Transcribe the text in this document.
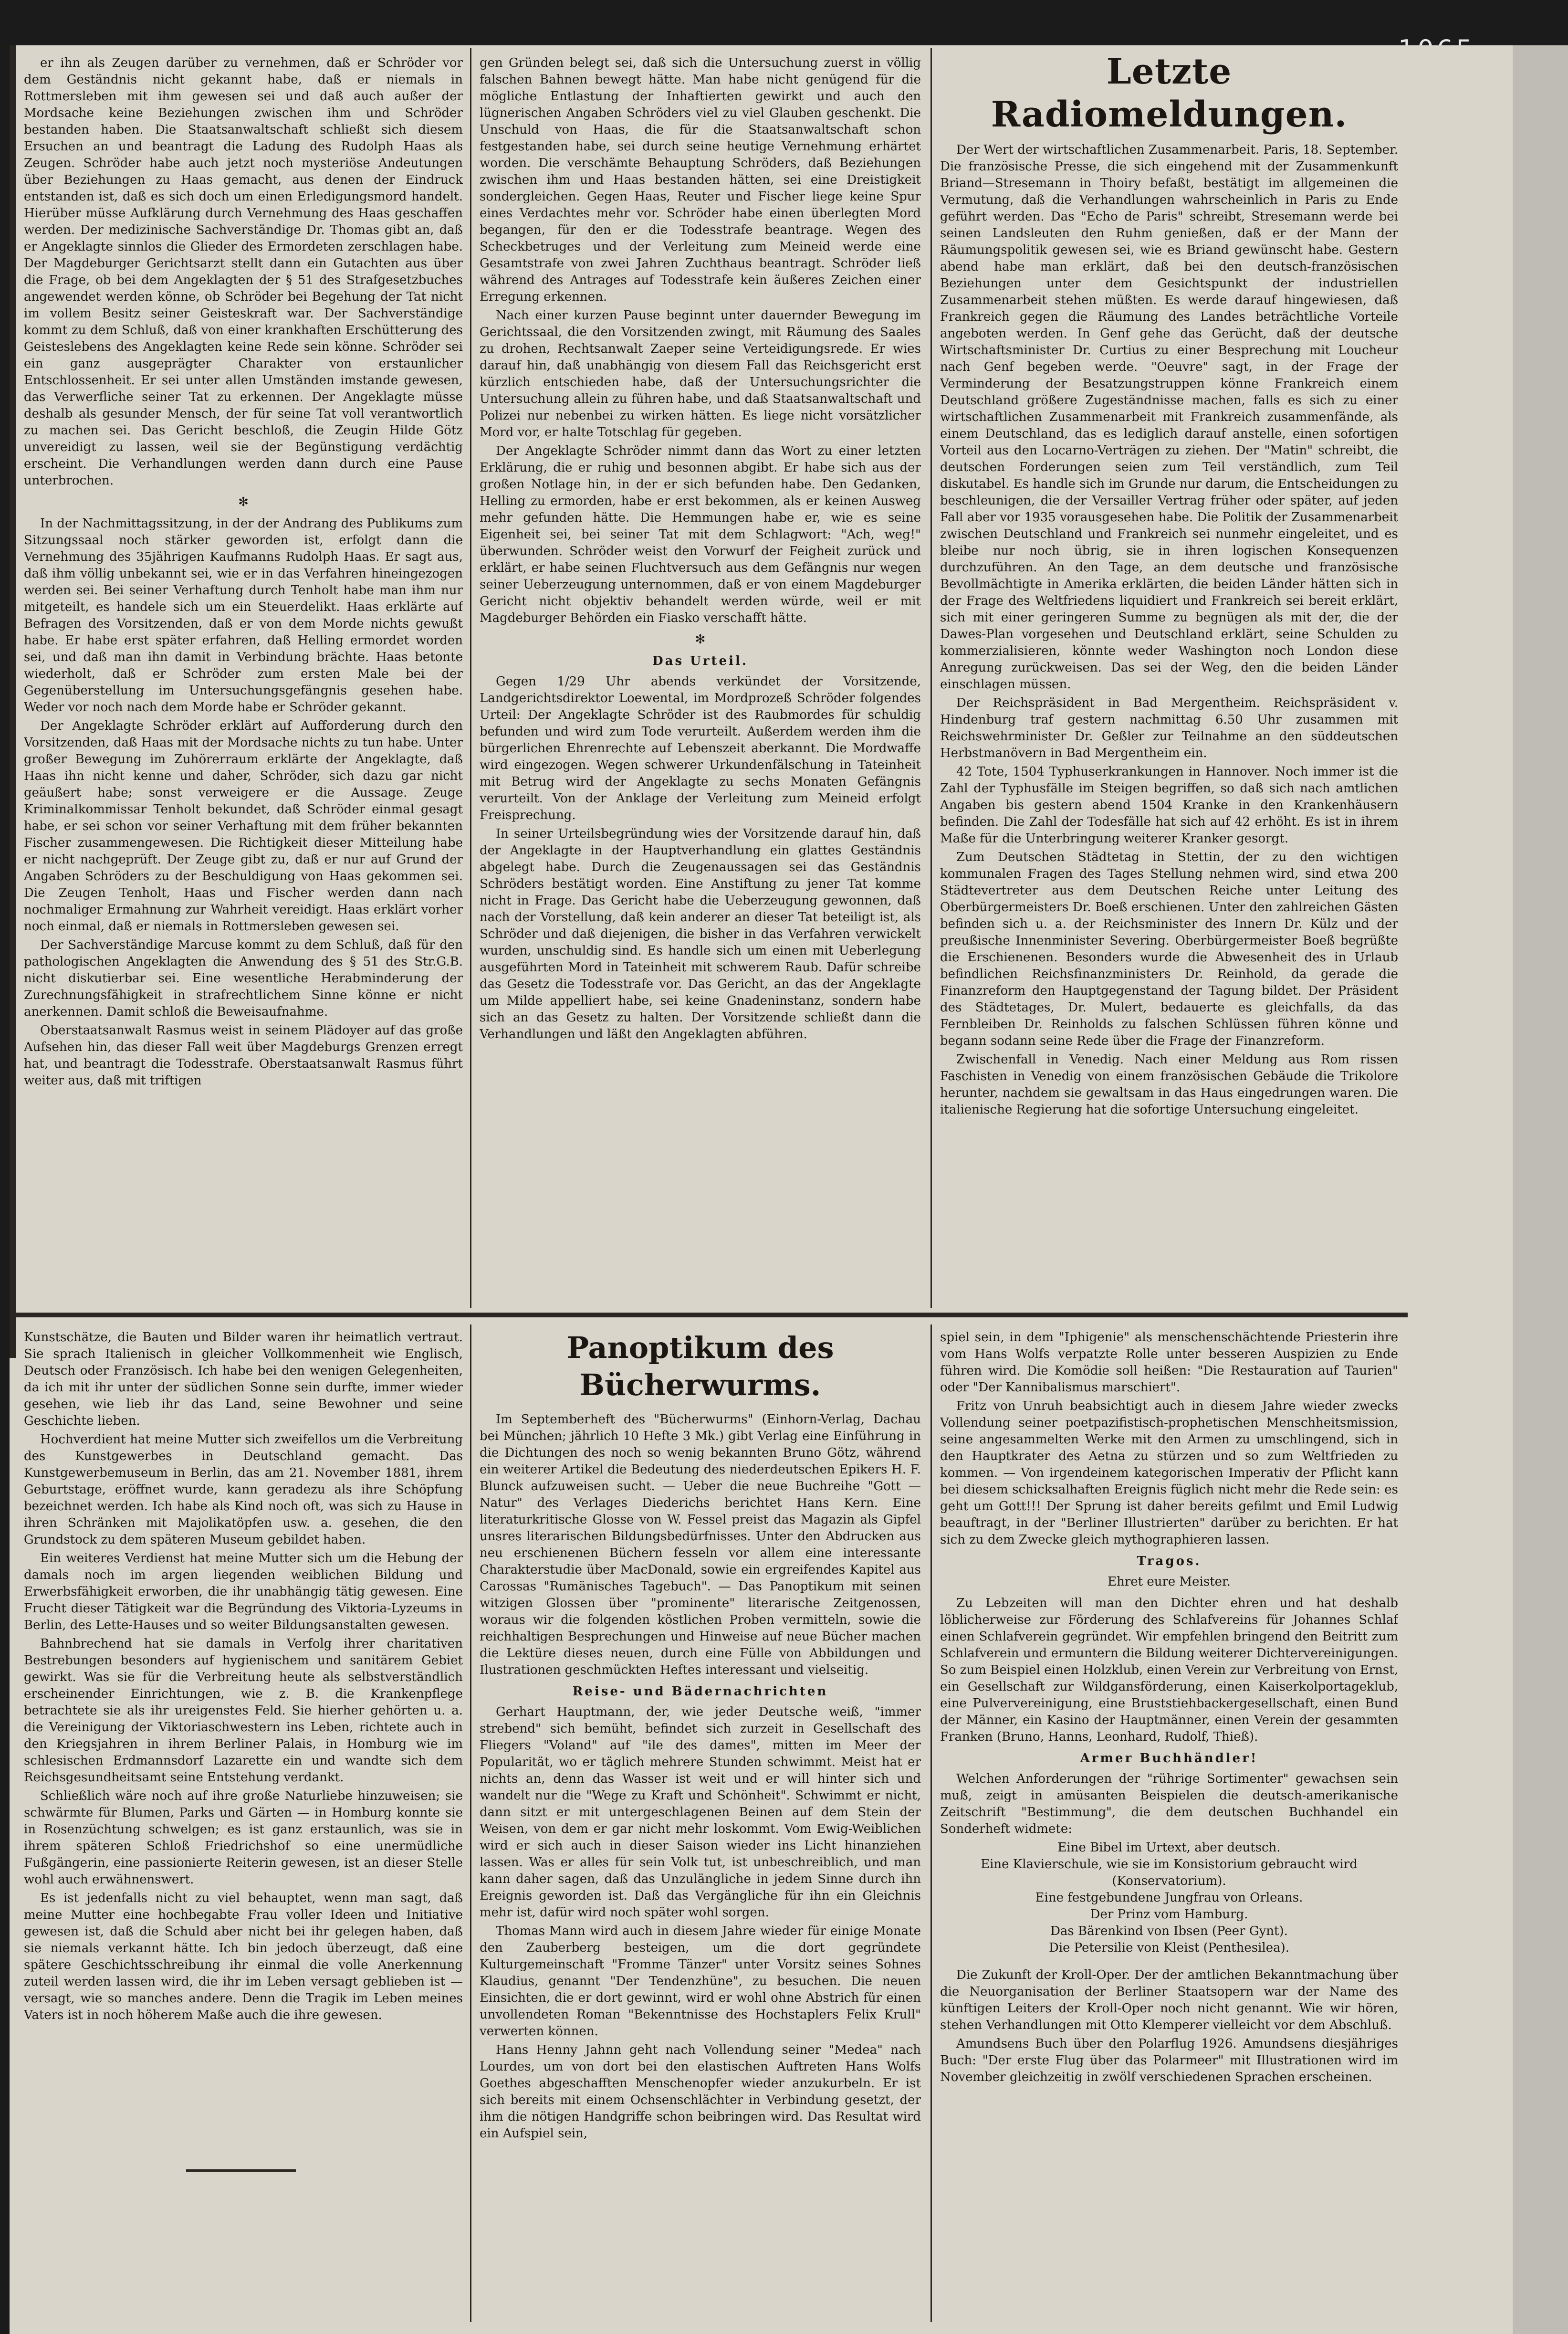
er ihn als Zeugen darüber zu vernehmen, daß er Schröder vor dem Geständnis nicht gekannt habe, daß er niemals in Rottmersleben mit ihm gewesen sei und daß auch außer der Mordsache keine Beziehungen zwischen ihm und Schröder bestanden haben. Die Staatsanwaltschaft schließt sich diesem Ersuchen an und beantragt die Ladung des Rudolph Haas als Zeugen. Schröder habe auch jetzt noch mysteriöse Andeutungen über Beziehungen zu Haas gemacht, aus denen der Eindruck entstanden ist, daß es sich doch um einen Erledigungsmord handelt. Hierüber müsse Aufklärung durch Vernehmung des Haas geschaffen werden. Der medizinische Sachverständige Dr. Thomas gibt an, daß er Angeklagte sinnlos die Glieder des Ermordeten zerschlagen habe. Der Magdeburger Gerichtsarzt stellt dann ein Gutachten aus über die Frage, ob bei dem Angeklagten der § 51 des Strafgesetzbuches angewendet werden könne, ob Schröder bei Begehung der Tat nicht im vollem Besitz seiner Geisteskraft war. Der Sachverständige kommt zu dem Schluß, daß von einer krankhaften Erschütterung des Geisteslebens des Angeklagten keine Rede sein könne. Schröder sei ein ganz ausgeprägter Charakter von erstaunlicher Entschlossenheit. Er sei unter allen Umständen imstande gewesen, das Verwerfliche seiner Tat zu erkennen. Der Angeklagte müsse deshalb als gesunder Mensch, der für seine Tat voll verantwortlich zu machen sei. Das Gericht beschloß, die Zeugin Hilde Götz unvereidigt zu lassen, weil sie der Begünstigung verdächtig erscheint. Die Verhandlungen werden dann durch eine Pause unterbrochen.

✻

In der Nachmittagssitzung, in der der Andrang des Publikums zum Sitzungssaal noch stärker geworden ist, erfolgt dann die Vernehmung des 35jährigen Kaufmanns Rudolph Haas. Er sagt aus, daß ihm völlig unbekannt sei, wie er in das Verfahren hineingezogen werden sei. Bei seiner Verhaftung durch Tenholt habe man ihm nur mitgeteilt, es handele sich um ein Steuerdelikt. Haas erklärte auf Befragen des Vorsitzenden, daß er von dem Morde nichts gewußt habe. Er habe erst später erfahren, daß Helling ermordet worden sei, und daß man ihn damit in Verbindung brächte. Haas betonte wiederholt, daß er Schröder zum ersten Male bei der Gegenüberstellung im Untersuchungsgefängnis gesehen habe. Weder vor noch nach dem Morde habe er Schröder gekannt.

Der Angeklagte Schröder erklärt auf Aufforderung durch den Vorsitzenden, daß Haas mit der Mordsache nichts zu tun habe. Unter großer Bewegung im Zuhörerraum erklärte der Angeklagte, daß Haas ihn nicht kenne und daher, Schröder, sich dazu gar nicht geäußert habe; sonst verweigere er die Aussage. Zeuge Kriminalkommissar Tenholt bekundet, daß Schröder einmal gesagt habe, er sei schon vor seiner Verhaftung mit dem früher bekannten Fischer zusammengewesen. Die Richtigkeit dieser Mitteilung habe er nicht nachgeprüft. Der Zeuge gibt zu, daß er nur auf Grund der Angaben Schröders zu der Beschuldigung von Haas gekommen sei. Die Zeugen Tenholt, Haas und Fischer werden dann nach nochmaliger Ermahnung zur Wahrheit vereidigt. Haas erklärt vorher noch einmal, daß er niemals in Rottmersleben gewesen sei.

Der Sachverständige Marcuse kommt zu dem Schluß, daß für den pathologischen Angeklagten die Anwendung des § 51 des Str.G.B. nicht diskutierbar sei. Eine wesentliche Herabminderung der Zurechnungsfähigkeit in strafrechtlichem Sinne könne er nicht anerkennen. Damit schloß die Beweisaufnahme.

Oberstaatsanwalt Rasmus weist in seinem Plädoyer auf das große Aufsehen hin, das dieser Fall weit über Magdeburgs Grenzen erregt hat, und beantragt die Todesstrafe. Oberstaatsanwalt Rasmus führt weiter aus, daß mit triftigen

gen Gründen belegt sei, daß sich die Untersuchung zuerst in völlig falschen Bahnen bewegt hätte. Man habe nicht genügend für die mögliche Entlastung der Inhaftierten gewirkt und auch den lügnerischen Angaben Schröders viel zu viel Glauben geschenkt. Die Unschuld von Haas, die für die Staatsanwaltschaft schon festgestanden habe, sei durch seine heutige Vernehmung erhärtet worden. Die verschämte Behauptung Schröders, daß Beziehungen zwischen ihm und Haas bestanden hätten, sei eine Dreistigkeit sondergleichen. Gegen Haas, Reuter und Fischer liege keine Spur eines Verdachtes mehr vor. Schröder habe einen überlegten Mord begangen, für den er die Todesstrafe beantrage. Wegen des Scheckbetruges und der Verleitung zum Meineid werde eine Gesamtstrafe von zwei Jahren Zuchthaus beantragt. Schröder ließ während des Antrages auf Todesstrafe kein äußeres Zeichen einer Erregung erkennen.

Nach einer kurzen Pause beginnt unter dauernder Bewegung im Gerichtssaal, die den Vorsitzenden zwingt, mit Räumung des Saales zu drohen, Rechtsanwalt Zaeper seine Verteidigungsrede. Er wies darauf hin, daß unabhängig von diesem Fall das Reichsgericht erst kürzlich entschieden habe, daß der Untersuchungsrichter die Untersuchung allein zu führen habe, und daß Staatsanwaltschaft und Polizei nur nebenbei zu wirken hätten. Es liege nicht vorsätzlicher Mord vor, er halte Totschlag für gegeben.

Der Angeklagte Schröder nimmt dann das Wort zu einer letzten Erklärung, die er ruhig und besonnen abgibt. Er habe sich aus der großen Notlage hin, in der er sich befunden habe. Den Gedanken, Helling zu ermorden, habe er erst bekommen, als er keinen Ausweg mehr gefunden hätte. Die Hemmungen habe er, wie es seine Eigenheit sei, bei seiner Tat mit dem Schlagwort: "Ach, weg!" überwunden. Schröder weist den Vorwurf der Feigheit zurück und erklärt, er habe seinen Fluchtversuch aus dem Gefängnis nur wegen seiner Ueberzeugung unternommen, daß er von einem Magdeburger Gericht nicht objektiv behandelt werden würde, weil er mit Magdeburger Behörden ein Fiasko verschafft hätte.

✻

Das Urteil.

Gegen 1/29 Uhr abends verkündet der Vorsitzende, Landgerichtsdirektor Loewental, im Mordprozeß Schröder folgendes Urteil: Der Angeklagte Schröder ist des Raubmordes für schuldig befunden und wird zum Tode verurteilt. Außerdem werden ihm die bürgerlichen Ehrenrechte auf Lebenszeit aberkannt. Die Mordwaffe wird eingezogen. Wegen schwerer Urkundenfälschung in Tateinheit mit Betrug wird der Angeklagte zu sechs Monaten Gefängnis verurteilt. Von der Anklage der Verleitung zum Meineid erfolgt Freisprechung.

In seiner Urteilsbegründung wies der Vorsitzende darauf hin, daß der Angeklagte in der Hauptverhandlung ein glattes Geständnis abgelegt habe. Durch die Zeugenaussagen sei das Geständnis Schröders bestätigt worden. Eine Anstiftung zu jener Tat komme nicht in Frage. Das Gericht habe die Ueberzeugung gewonnen, daß nach der Vorstellung, daß kein anderer an dieser Tat beteiligt ist, als Schröder und daß diejenigen, die bisher in das Verfahren verwickelt wurden, unschuldig sind. Es handle sich um einen mit Ueberlegung ausgeführten Mord in Tateinheit mit schwerem Raub. Dafür schreibe das Gesetz die Todesstrafe vor. Das Gericht, an das der Angeklagte um Milde appelliert habe, sei keine Gnadeninstanz, sondern habe sich an das Gesetz zu halten. Der Vorsitzende schließt dann die Verhandlungen und läßt den Angeklagten abführen.

Letzte Radiomeldungen.

Der Wert der wirtschaftlichen Zusammenarbeit. Paris, 18. September. Die französische Presse, die sich eingehend mit der Zusammenkunft Briand—Stresemann in Thoiry befaßt, bestätigt im allgemeinen die Vermutung, daß die Verhandlungen wahrscheinlich in Paris zu Ende geführt werden. Das "Echo de Paris" schreibt, Stresemann werde bei seinen Landsleuten den Ruhm genießen, daß er der Mann der Räumungspolitik gewesen sei, wie es Briand gewünscht habe. Gestern abend habe man erklärt, daß bei den deutsch-französischen Beziehungen unter dem Gesichtspunkt der industriellen Zusammenarbeit stehen müßten. Es werde darauf hingewiesen, daß Frankreich gegen die Räumung des Landes beträchtliche Vorteile angeboten werden. In Genf gehe das Gerücht, daß der deutsche Wirtschaftsminister Dr. Curtius zu einer Besprechung mit Loucheur nach Genf begeben werde. "Oeuvre" sagt, in der Frage der Verminderung der Besatzungstruppen könne Frankreich einem Deutschland größere Zugeständnisse machen, falls es sich zu einer wirtschaftlichen Zusammenarbeit mit Frankreich zusammenfände, als einem Deutschland, das es lediglich darauf anstelle, einen sofortigen Vorteil aus den Locarno-Verträgen zu ziehen. Der "Matin" schreibt, die deutschen Forderungen seien zum Teil verständlich, zum Teil diskutabel. Es handle sich im Grunde nur darum, die Entscheidungen zu beschleunigen, die der Versailler Vertrag früher oder später, auf jeden Fall aber vor 1935 vorausgesehen habe. Die Politik der Zusammenarbeit zwischen Deutschland und Frankreich sei nunmehr eingeleitet, und es bleibe nur noch übrig, sie in ihren logischen Konsequenzen durchzuführen. An den Tage, an dem deutsche und französische Bevollmächtigte in Amerika erklärten, die beiden Länder hätten sich in der Frage des Weltfriedens liquidiert und Frankreich sei bereit erklärt, sich mit einer geringeren Summe zu begnügen als mit der, die der Dawes-Plan vorgesehen und Deutschland erklärt, seine Schulden zu kommerzialisieren, könnte weder Washington noch London diese Anregung zurückweisen. Das sei der Weg, den die beiden Länder einschlagen müssen.

Der Reichspräsident in Bad Mergentheim. Reichspräsident v. Hindenburg traf gestern nachmittag 6.50 Uhr zusammen mit Reichswehrminister Dr. Geßler zur Teilnahme an den süddeutschen Herbstmanövern in Bad Mergentheim ein.

42 Tote, 1504 Typhuserkrankungen in Hannover. Noch immer ist die Zahl der Typhusfälle im Steigen begriffen, so daß sich nach amtlichen Angaben bis gestern abend 1504 Kranke in den Krankenhäusern befinden. Die Zahl der Todesfälle hat sich auf 42 erhöht. Es ist in ihrem Maße für die Unterbringung weiterer Kranker gesorgt.

Zum Deutschen Städtetag in Stettin, der zu den wichtigen kommunalen Fragen des Tages Stellung nehmen wird, sind etwa 200 Städtevertreter aus dem Deutschen Reiche unter Leitung des Oberbürgermeisters Dr. Boeß erschienen. Unter den zahlreichen Gästen befinden sich u. a. der Reichsminister des Innern Dr. Külz und der preußische Innenminister Severing. Oberbürgermeister Boeß begrüßte die Erschienenen. Besonders wurde die Abwesenheit des in Urlaub befindlichen Reichsfinanzministers Dr. Reinhold, da gerade die Finanzreform den Hauptgegenstand der Tagung bildet. Der Präsident des Städtetages, Dr. Mulert, bedauerte es gleichfalls, da das Fernbleiben Dr. Reinholds zu falschen Schlüssen führen könne und begann sodann seine Rede über die Frage der Finanzreform.

Zwischenfall in Venedig. Nach einer Meldung aus Rom rissen Faschisten in Venedig von einem französischen Gebäude die Trikolore herunter, nachdem sie gewaltsam in das Haus eingedrungen waren. Die italienische Regierung hat die sofortige Untersuchung eingeleitet.

Kunstschätze, die Bauten und Bilder waren ihr heimatlich vertraut. Sie sprach Italienisch in gleicher Vollkommenheit wie Englisch, Deutsch oder Französisch. Ich habe bei den wenigen Gelegenheiten, da ich mit ihr unter der südlichen Sonne sein durfte, immer wieder gesehen, wie lieb ihr das Land, seine Bewohner und seine Geschichte lieben.

Hochverdient hat meine Mutter sich zweifellos um die Verbreitung des Kunstgewerbes in Deutschland gemacht. Das Kunstgewerbemuseum in Berlin, das am 21. November 1881, ihrem Geburtstage, eröffnet wurde, kann geradezu als ihre Schöpfung bezeichnet werden. Ich habe als Kind noch oft, was sich zu Hause in ihren Schränken mit Majolikatöpfen usw. a. gesehen, die den Grundstock zu dem späteren Museum gebildet haben.

Ein weiteres Verdienst hat meine Mutter sich um die Hebung der damals noch im argen liegenden weiblichen Bildung und Erwerbsfähigkeit erworben, die ihr unabhängig tätig gewesen. Eine Frucht dieser Tätigkeit war die Begründung des Viktoria-Lyzeums in Berlin, des Lette-Hauses und so weiter Bildungsanstalten gewesen.

Bahnbrechend hat sie damals in Verfolg ihrer charitativen Bestrebungen besonders auf hygienischem und sanitärem Gebiet gewirkt. Was sie für die Verbreitung heute als selbstverständlich erscheinender Einrichtungen, wie z. B. die Krankenpflege betrachtete sie als ihr ureigenstes Feld. Sie hierher gehörten u. a. die Vereinigung der Viktoriaschwestern ins Leben, richtete auch in den Kriegsjahren in ihrem Berliner Palais, in Homburg wie im schlesischen Erdmannsdorf Lazarette ein und wandte sich dem Reichsgesundheitsamt seine Entstehung verdankt.

Schließlich wäre noch auf ihre große Naturliebe hinzuweisen; sie schwärmte für Blumen, Parks und Gärten — in Homburg konnte sie in Rosenzüchtung schwelgen; es ist ganz erstaunlich, was sie in ihrem späteren Schloß Friedrichshof so eine unermüdliche Fußgängerin, eine passionierte Reiterin gewesen, ist an dieser Stelle wohl auch erwähnenswert.

Es ist jedenfalls nicht zu viel behauptet, wenn man sagt, daß meine Mutter eine hochbegabte Frau voller Ideen und Initiative gewesen ist, daß die Schuld aber nicht bei ihr gelegen haben, daß sie niemals verkannt hätte. Ich bin jedoch überzeugt, daß eine spätere Geschichtsschreibung ihr einmal die volle Anerkennung zuteil werden lassen wird, die ihr im Leben versagt geblieben ist — versagt, wie so manches andere. Denn die Tragik im Leben meines Vaters ist in noch höherem Maße auch die ihre gewesen.

Panoptikum des Bücherwurms.

Im Septemberheft des "Bücherwurms" (Einhorn-Verlag, Dachau bei München; jährlich 10 Hefte 3 Mk.) gibt Verlag eine Einführung in die Dichtungen des noch so wenig bekannten Bruno Götz, während ein weiterer Artikel die Bedeutung des niederdeutschen Epikers H. F. Blunck aufzuweisen sucht. — Ueber die neue Buchreihe "Gott — Natur" des Verlages Diederichs berichtet Hans Kern. Eine literaturkritische Glosse von W. Fessel preist das Magazin als Gipfel unsres literarischen Bildungsbedürfnisses. Unter den Abdrucken aus neu erschienenen Büchern fesseln vor allem eine interessante Charakterstudie über MacDonald, sowie ein ergreifendes Kapitel aus Carossas "Rumänisches Tagebuch". — Das Panoptikum mit seinen witzigen Glossen über "prominente" literarische Zeitgenossen, woraus wir die folgenden köstlichen Proben vermitteln, sowie die reichhaltigen Besprechungen und Hinweise auf neue Bücher machen die Lektüre dieses neuen, durch eine Fülle von Abbildungen und Ilustrationen geschmückten Heftes interessant und vielseitig.

Reise- und Bädernachrichten

Gerhart Hauptmann, der, wie jeder Deutsche weiß, "immer strebend" sich bemüht, befindet sich zurzeit in Gesellschaft des Fliegers "Voland" auf "ile des dames", mitten im Meer der Popularität, wo er täglich mehrere Stunden schwimmt. Meist hat er nichts an, denn das Wasser ist weit und er will hinter sich und wandelt nur die "Wege zu Kraft und Schönheit". Schwimmt er nicht, dann sitzt er mit untergeschlagenen Beinen auf dem Stein der Weisen, von dem er gar nicht mehr loskommt. Vom Ewig-Weiblichen wird er sich auch in dieser Saison wieder ins Licht hinanziehen lassen. Was er alles für sein Volk tut, ist unbeschreiblich, und man kann daher sagen, daß das Unzulängliche in jedem Sinne durch ihn Ereignis geworden ist. Daß das Vergängliche für ihn ein Gleichnis mehr ist, dafür wird noch später wohl sorgen.

Thomas Mann wird auch in diesem Jahre wieder für einige Monate den Zauberberg besteigen, um die dort gegründete Kulturgemeinschaft "Fromme Tänzer" unter Vorsitz seines Sohnes Klaudius, genannt "Der Tendenzhüne", zu besuchen. Die neuen Einsichten, die er dort gewinnt, wird er wohl ohne Abstrich für einen unvollendeten Roman "Bekenntnisse des Hochstaplers Felix Krull" verwerten können.

Hans Henny Jahnn geht nach Vollendung seiner "Medea" nach Lourdes, um von dort bei den elastischen Auftreten Hans Wolfs Goethes abgeschafften Menschenopfer wieder anzukurbeln. Er ist sich bereits mit einem Ochsenschlächter in Verbindung gesetzt, der ihm die nötigen Handgriffe schon beibringen wird. Das Resultat wird ein Aufspiel sein,

spiel sein, in dem "Iphigenie" als menschenschächtende Priesterin ihre vom Hans Wolfs verpatzte Rolle unter besseren Auspizien zu Ende führen wird. Die Komödie soll heißen: "Die Restauration auf Taurien" oder "Der Kannibalismus marschiert".

Fritz von Unruh beabsichtigt auch in diesem Jahre wieder zwecks Vollendung seiner poetpazifistisch-prophetischen Menschheitsmission, seine angesammelten Werke mit den Armen zu umschlingend, sich in den Hauptkrater des Aetna zu stürzen und so zum Weltfrieden zu kommen. — Von irgendeinem kategorischen Imperativ der Pflicht kann bei diesem schicksalhaften Ereignis füglich nicht mehr die Rede sein: es geht um Gott!!! Der Sprung ist daher bereits gefilmt und Emil Ludwig beauftragt, in der "Berliner Illustrierten" darüber zu berichten. Er hat sich zu dem Zwecke gleich mythographieren lassen.

Tragos.

Ehret eure Meister.

Zu Lebzeiten will man den Dichter ehren und hat deshalb löblicherweise zur Förderung des Schlafvereins für Johannes Schlaf einen Schlafverein gegründet. Wir empfehlen bringend den Beitritt zum Schlafverein und ermuntern die Bildung weiterer Dichtervereinigungen. So zum Beispiel einen Holzklub, einen Verein zur Verbreitung von Ernst, ein Gesellschaft zur Wildgansförderung, einen Kaiserkolportageklub, eine Pulververeinigung, eine Bruststiehbackergesellschaft, einen Bund der Männer, ein Kasino der Hauptmänner, einen Verein der gesammten Franken (Bruno, Hanns, Leonhard, Rudolf, Thieß).

Armer Buchhändler!

Welchen Anforderungen der "rührige Sortimenter" gewachsen sein muß, zeigt in amüsanten Beispielen die deutsch-amerikanische Zeitschrift "Bestimmung", die dem deutschen Buchhandel ein Sonderheft widmete:

Eine Bibel im Urtext, aber deutsch.

Eine Klavierschule, wie sie im Konsistorium gebraucht wird (Konservatorium).

Eine festgebundene Jungfrau von Orleans.

Der Prinz vom Hamburg.

Das Bärenkind von Ibsen (Peer Gynt).

Die Petersilie von Kleist (Penthesilea).

Die Zukunft der Kroll-Oper. Der der amtlichen Bekanntmachung über die Neuorganisation der Berliner Staatsopern war der Name des künftigen Leiters der Kroll-Oper noch nicht genannt. Wie wir hören, stehen Verhandlungen mit Otto Klemperer vielleicht vor dem Abschluß.

Amundsens Buch über den Polarflug 1926. Amundsens diesjähriges Buch: "Der erste Flug über das Polarmeer" mit Illustrationen wird im November gleichzeitig in zwölf verschiedenen Sprachen erscheinen.
